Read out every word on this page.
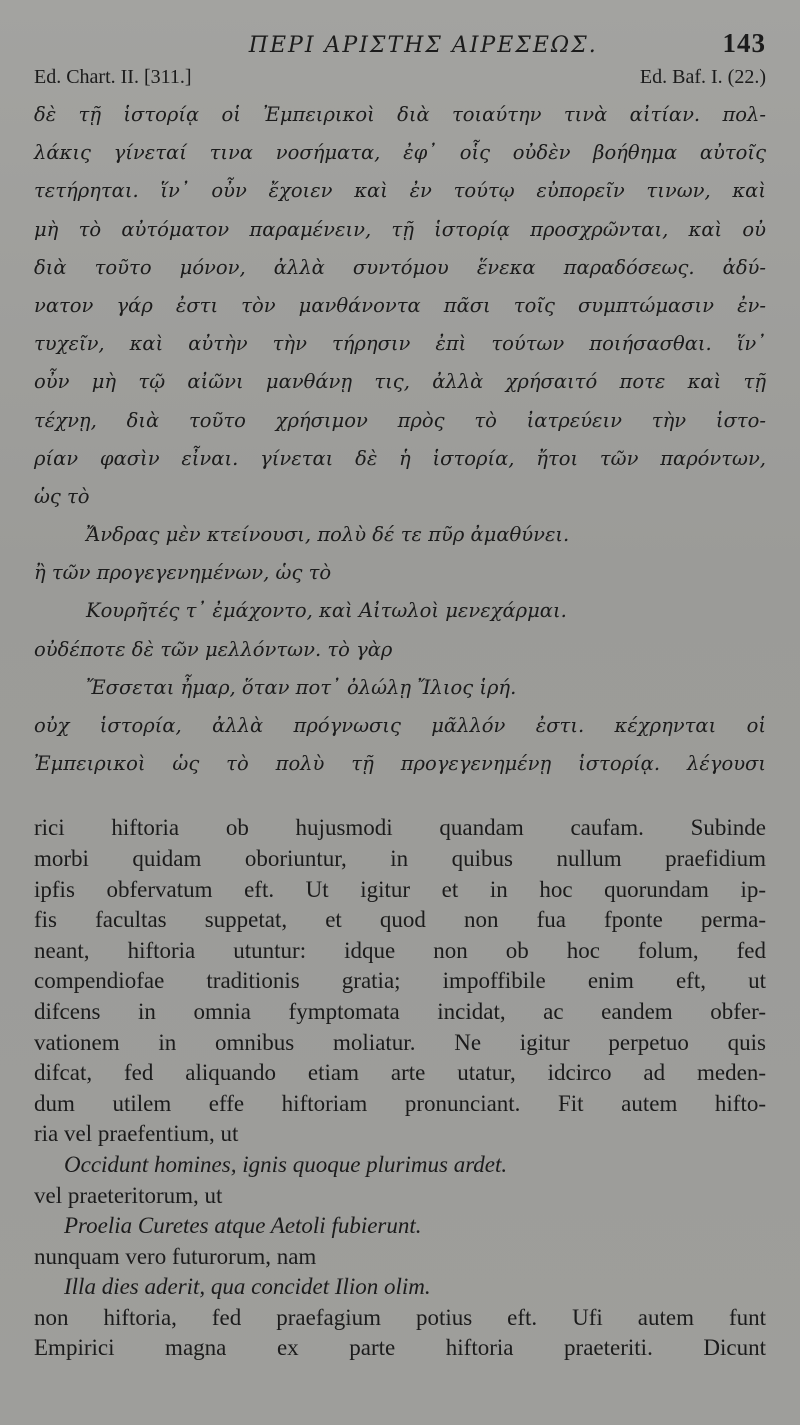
ΠΕΡΙ ΑΡΙΣΤΗΣ ΑΙΡΕΣΕΩΣ.	143
Ed. Chart. II. [311.]	Ed. Baf. I. (22.)
δὲ τῇ ἱστορίᾳ οἱ Ἐμπειρικοὶ διὰ τοιαύτην τινὰ αἰτίαν. πολ-
λάκις γίνεταί τινα νοσήματα, ἐφ᾽ οἷς οὐδὲν βοήθημα αὐτοῖς
τετήρηται. ἵν᾽ οὖν ἔχοιεν καὶ ἐν τούτῳ εὐπορεῖν τινων, καὶ
μὴ τὸ αὐτόματον παραμένειν, τῇ ἱστορίᾳ προσχρῶνται, καὶ οὐ
διὰ τοῦτο μόνον, ἀλλὰ συντόμου ἕνεκα παραδόσεως. ἀδύ-
νατον γάρ ἐστι τὸν μανθάνοντα πᾶσι τοῖς συμπτώμασιν ἐν-
τυχεῖν, καὶ αὐτὴν τὴν τήρησιν ἐπὶ τούτων ποιήσασθαι. ἵν᾽
οὖν μὴ τῷ αἰῶνι μανθάνῃ τις, ἀλλὰ χρήσαιτό ποτε καὶ τῇ
τέχνῃ, διὰ τοῦτο χρήσιμον πρὸς τὸ ἰατρεύειν τὴν ἱστο-
ρίαν φασὶν εἶναι. γίνεται δὲ ἡ ἱστορία, ἤτοι τῶν παρόντων,
ὡς τὸ
Ἄνδρας μὲν κτείνουσι, πολὺ δέ τε πῦρ ἀμαθύνει.
ἢ τῶν προγεγενημένων, ὡς τὸ
Κουρῆτές τ᾽ ἐμάχοντο, καὶ Αἰτωλοὶ μενεχάρμαι.
οὐδέποτε δὲ τῶν μελλόντων. τὸ γὰρ
Ἔσσεται ἦμαρ, ὅταν ποτ᾽ ὀλώλῃ Ἴλιος ἱρή.
οὐχ ἱστορία, ἀλλὰ πρόγνωσις μᾶλλόν ἐστι. κέχρηνται οἱ
Ἐμπειρικοὶ ὡς τὸ πολὺ τῇ προγεγενημένῃ ἱστορίᾳ. λέγουσι
rici hiftoria ob hujusmodi quandam caufam. Subinde
morbi quidam oboriuntur, in quibus nullum praefidium
ipfis obfervatum eft. Ut igitur et in hoc quorundam ip-
fis facultas suppetat, et quod non fua fponte perma-
neant, hiftoria utuntur: idque non ob hoc folum, fed
compendiofae traditionis gratia; impoffibile enim eft, ut
difcens in omnia fymptomata incidat, ac eandem obfer-
vationem in omnibus moliatur. Ne igitur perpetuo quis
difcat, fed aliquando etiam arte utatur, idcirco ad meden-
dum utilem effe hiftoriam pronunciant. Fit autem hifto-
ria vel praefentium, ut
Occidunt homines, ignis quoque plurimus ardet.
vel praeteritorum, ut
Proelia Curetes atque Aetoli fubierunt.
nunquam vero futurorum, nam
Illa dies aderit, qua concidet Ilion olim.
non hiftoria, fed praefagium potius eft. Ufi autem funt
Empirici magna ex parte hiftoria praeteriti. Dicunt
